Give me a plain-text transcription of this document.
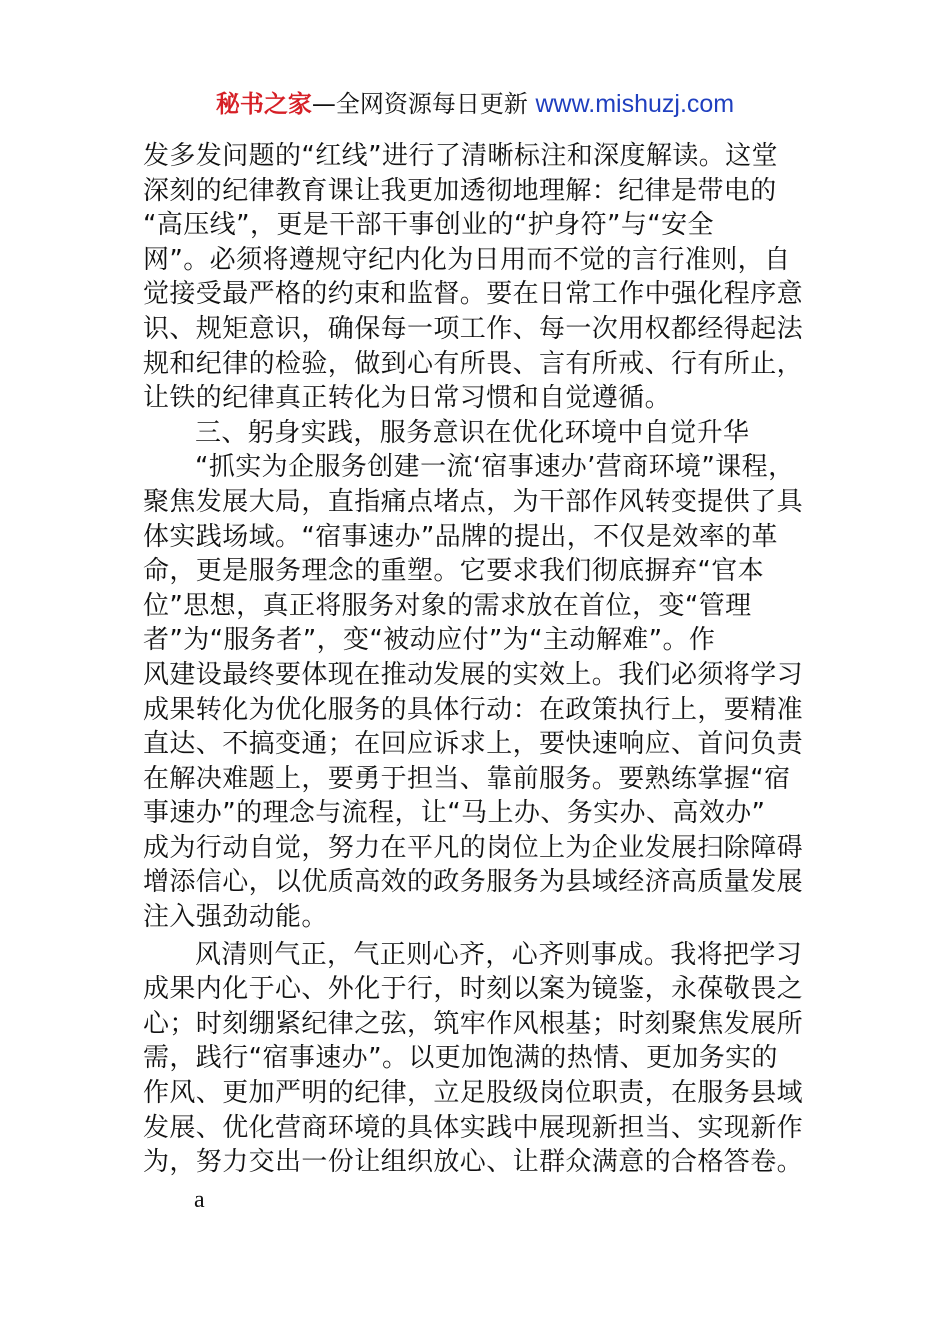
秘书之家—全网资源每日更新 www.mishuzj.com

发多发问题的“红线”进行了清晰标注和深度解读。这堂

深刻的纪律教育课让我更加透彻地理解：纪律是带电的

“高压线”，更是干部干事创业的“护身符”与“安全

网”。必须将遵规守纪内化为日用而不觉的言行准则，自

觉接受最严格的约束和监督。要在日常工作中强化程序意

识、规矩意识，确保每一项工作、每一次用权都经得起法

规和纪律的检验，做到心有所畏、言有所戒、行有所止，

让铁的纪律真正转化为日常习惯和自觉遵循。

三、躬身实践，服务意识在优化环境中自觉升华

“抓实为企服务创建一流‘宿事速办’营商环境”课程，

聚焦发展大局，直指痛点堵点，为干部作风转变提供了具

体实践场域。“宿事速办”品牌的提出，不仅是效率的革

命，更是服务理念的重塑。它要求我们彻底摒弃“官本

位”思想，真正将服务对象的需求放在首位，变“管理

者”为“服务者”，变“被动应付”为“主动解难”。作

风建设最终要体现在推动发展的实效上。我们必须将学习

成果转化为优化服务的具体行动：在政策执行上，要精准

直达、不搞变通；在回应诉求上，要快速响应、首问负责

在解决难题上，要勇于担当、靠前服务。要熟练掌握“宿

事速办”的理念与流程，让“马上办、务实办、高效办”

成为行动自觉，努力在平凡的岗位上为企业发展扫除障碍

增添信心，以优质高效的政务服务为县域经济高质量发展

注入强劲动能。

风清则气正，气正则心齐，心齐则事成。我将把学习

成果内化于心、外化于行，时刻以案为镜鉴，永葆敬畏之

心；时刻绷紧纪律之弦，筑牢作风根基；时刻聚焦发展所

需，践行“宿事速办”。以更加饱满的热情、更加务实的

作风、更加严明的纪律，立足股级岗位职责，在服务县域

发展、优化营商环境的具体实践中展现新担当、实现新作

为，努力交出一份让组织放心、让群众满意的合格答卷。

a
